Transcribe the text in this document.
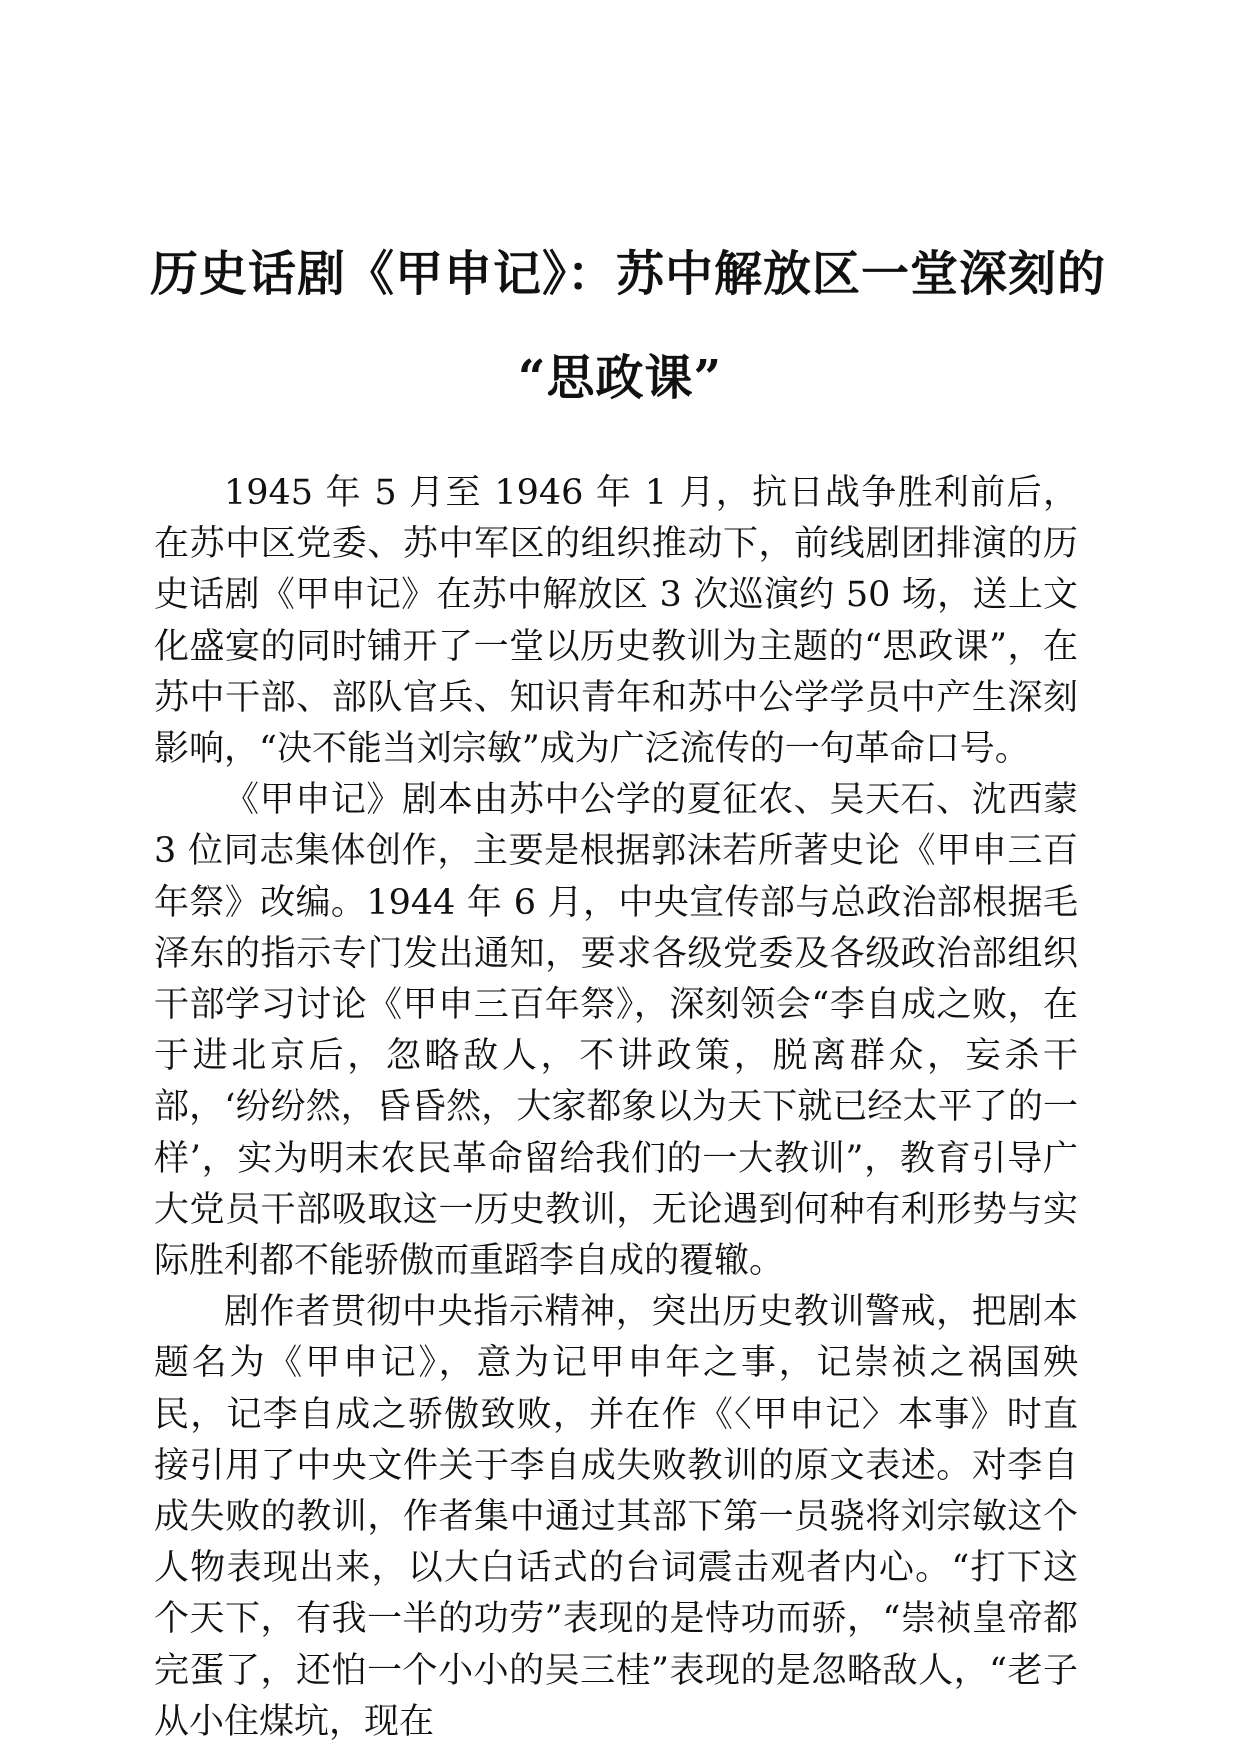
历史话剧《甲申记》：苏中解放区一堂深刻的
“思政课”

1945 年 5 月至 1946 年 1 月，抗日战争胜利前后，在苏中区党委、苏中军区的组织推动下，前线剧团排演的历史话剧《甲申记》在苏中解放区 3 次巡演约 50 场，送上文化盛宴的同时铺开了一堂以历史教训为主题的“思政课”，在苏中干部、部队官兵、知识青年和苏中公学学员中产生深刻影响，“决不能当刘宗敏”成为广泛流传的一句革命口号。

《甲申记》剧本由苏中公学的夏征农、吴天石、沈西蒙 3 位同志集体创作，主要是根据郭沫若所著史论《甲申三百年祭》改编。1944 年 6 月，中央宣传部与总政治部根据毛泽东的指示专门发出通知，要求各级党委及各级政治部组织干部学习讨论《甲申三百年祭》，深刻领会“李自成之败，在于进北京后，忽略敌人，不讲政策，脱离群众，妄杀干部，‘纷纷然，昏昏然，大家都象以为天下就已经太平了的一样’，实为明末农民革命留给我们的一大教训”，教育引导广大党员干部吸取这一历史教训，无论遇到何种有利形势与实际胜利都不能骄傲而重蹈李自成的覆辙。

剧作者贯彻中央指示精神，突出历史教训警戒，把剧本题名为《甲申记》，意为记甲申年之事，记崇祯之祸国殃民，记李自成之骄傲致败，并在作《〈甲申记〉本事》时直接引用了中央文件关于李自成失败教训的原文表述。对李自成失败的教训，作者集中通过其部下第一员骁将刘宗敏这个人物表现出来，以大白话式的台词震击观者内心。“打下这个天下，有我一半的功劳”表现的是恃功而骄，“崇祯皇帝都完蛋了，还怕一个小小的吴三桂”表现的是忽略敌人，“老子从小住煤坑，现在
